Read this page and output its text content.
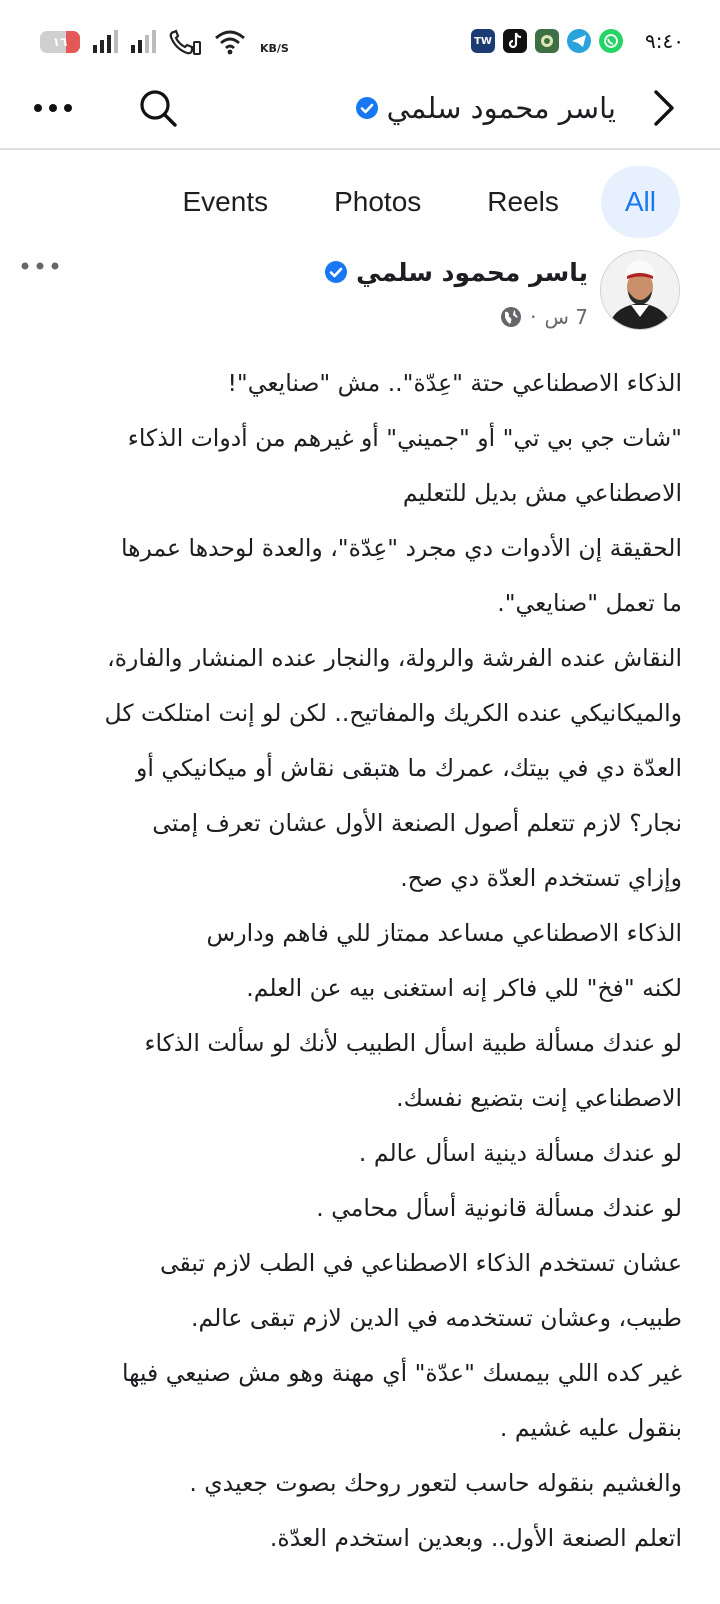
١٦	KB/S
TW	٩:٤٠
ياسر محمود سلمي
All
Reels
Photos
Events
ياسر محمود سلمي
7 س
·
الذكاء الاصطناعي حتة "عِدّة".. مش "صنايعي"!
"شات جي بي تي" أو "جميني" أو غيرهم من أدوات الذكاء
الاصطناعي مش بديل للتعليم
الحقيقة إن الأدوات دي مجرد "عِدّة"، والعدة لوحدها عمرها
ما تعمل "صنايعي".
النقاش عنده الفرشة والرولة، والنجار عنده المنشار والفارة،
والميكانيكي عنده الكريك والمفاتيح.. لكن لو إنت امتلكت كل
العدّة دي في بيتك، عمرك ما هتبقى نقاش أو ميكانيكي أو
نجار؟ لازم تتعلم أصول الصنعة الأول عشان تعرف إمتى
وإزاي تستخدم العدّة دي صح.
الذكاء الاصطناعي مساعد ممتاز للي فاهم ودارس
لكنه "فخ" للي فاكر إنه استغنى بيه عن العلم.
لو عندك مسألة طبية اسأل الطبيب لأنك لو سألت الذكاء
الاصطناعي إنت بتضيع نفسك.
لو عندك مسألة دينية اسأل عالم .
لو عندك مسألة قانونية أسأل محامي .
عشان تستخدم الذكاء الاصطناعي في الطب لازم تبقى
طبيب، وعشان تستخدمه في الدين لازم تبقى عالم.
غير كده اللي بيمسك "عدّة" أي مهنة وهو مش صنيعي فيها
بنقول عليه غشيم .
والغشيم بنقوله حاسب لتعور روحك بصوت جعيدي .
اتعلم الصنعة الأول.. وبعدين استخدم العدّة.
